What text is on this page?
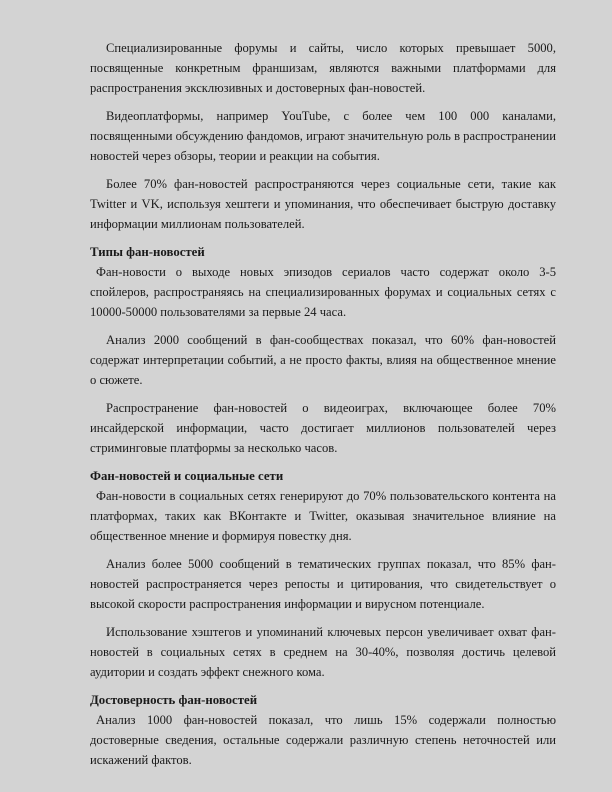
Специализированные форумы и сайты, число которых превышает 5000, посвященные конкретным франшизам, являются важными платформами для распространения эксклюзивных и достоверных фан-новостей.

Видеоплатформы, например YouTube, с более чем 100 000 каналами, посвященными обсуждению фандомов, играют значительную роль в распространении новостей через обзоры, теории и реакции на события.

Более 70% фан-новостей распространяются через социальные сети, такие как Twitter и VK, используя хештеги и упоминания, что обеспечивает быструю доставку информации миллионам пользователей.

Типы фан-новостей

Фан-новости о выходе новых эпизодов сериалов часто содержат около 3-5 спойлеров, распространяясь на специализированных форумах и социальных сетях с 10000-50000 пользователями за первые 24 часа.

Анализ 2000 сообщений в фан-сообществах показал, что 60% фан-новостей содержат интерпретации событий, а не просто факты, влияя на общественное мнение о сюжете.

Распространение фан-новостей о видеоиграх, включающее более 70% инсайдерской информации, часто достигает миллионов пользователей через стриминговые платформы за несколько часов.

Фан-новостей и социальные сети

Фан-новости в социальных сетях генерируют до 70% пользовательского контента на платформах, таких как ВКонтакте и Twitter, оказывая значительное влияние на общественное мнение и формируя повестку дня.

Анализ более 5000 сообщений в тематических группах показал, что 85% фан-новостей распространяется через репосты и цитирования, что свидетельствует о высокой скорости распространения информации и вирусном потенциале.

Использование хэштегов и упоминаний ключевых персон увеличивает охват фан-новостей в социальных сетях в среднем на 30-40%, позволяя достичь целевой аудитории и создать эффект снежного кома.

Достоверность фан-новостей

Анализ 1000 фан-новостей показал, что лишь 15% содержали полностью достоверные сведения, остальные содержали различную степень неточностей или искажений фактов.
